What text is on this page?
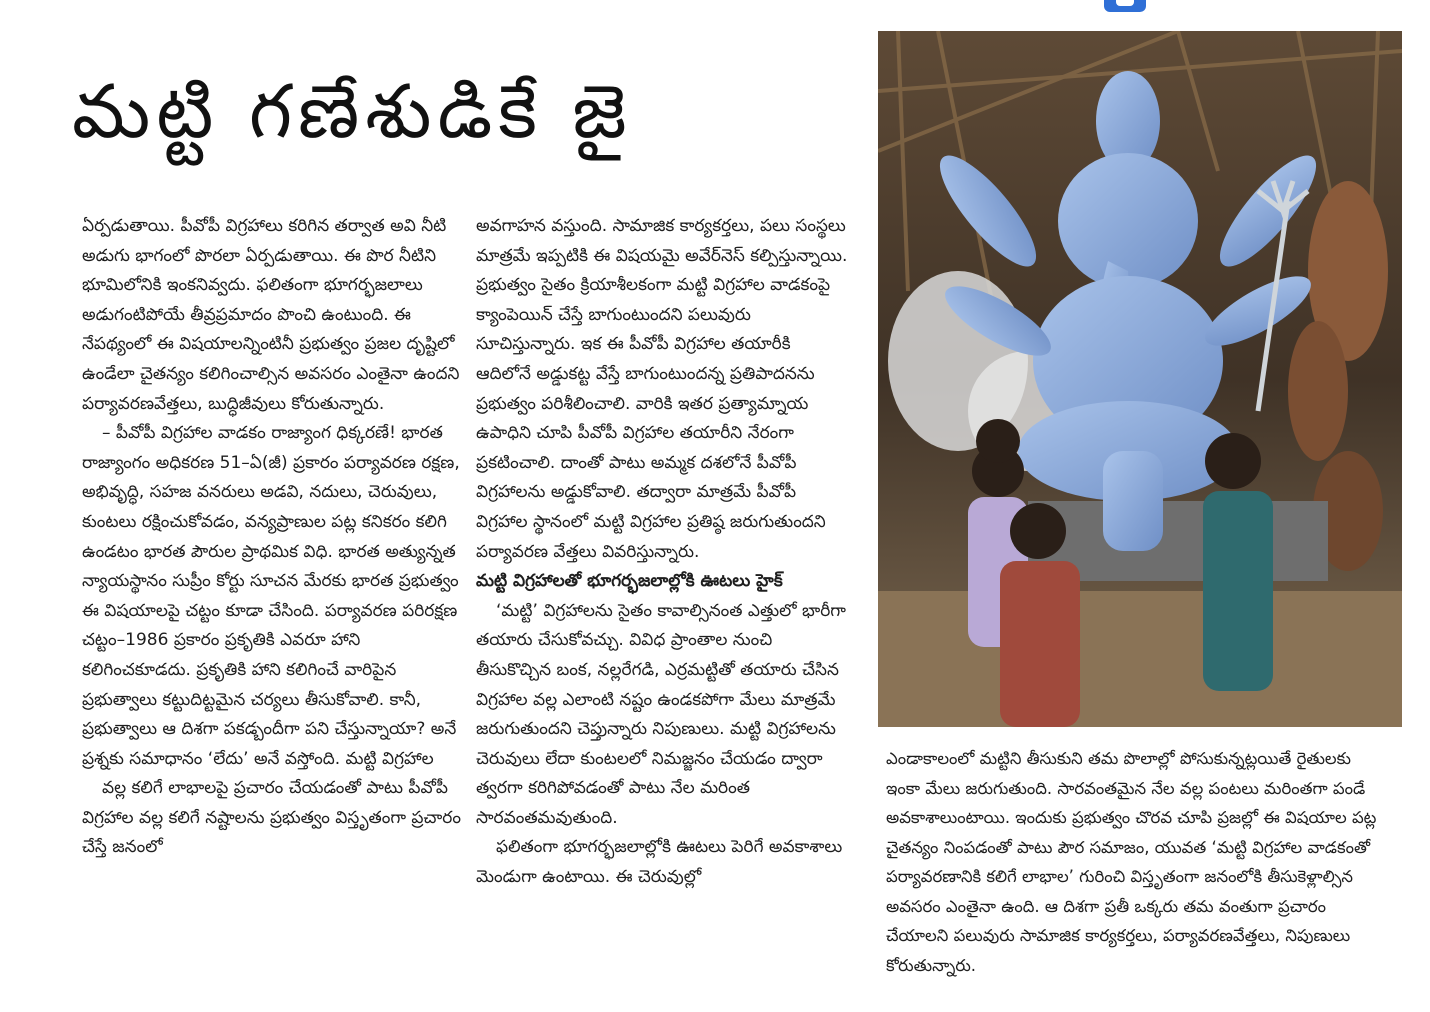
మట్టి గణేశుడికే జై

ఏర్పడుతాయి. పీవోపీ విగ్రహాలు కరిగిన తర్వాత అవి నీటి అడుగు భాగంలో పొరలా ఏర్పడుతాయి. ఈ పొర నీటిని భూమిలోనికి ఇంకనివ్వదు. ఫలితంగా భూగర్భజలాలు అడుగంటిపోయే తీవ్రప్రమాదం పొంచి ఉంటుంది. ఈ నేపథ్యంలో ఈ విషయాలన్నింటినీ ప్రభుత్వం ప్రజల దృష్టిలో ఉండేలా చైతన్యం కలిగించాల్సిన అవసరం ఎంతైనా ఉందని పర్యావరణవేత్తలు, బుద్ధిజీవులు కోరుతున్నారు.

– పీవోపీ విగ్రహాల వాడకం రాజ్యాంగ ధిక్కరణే! భారత రాజ్యాంగం అధికరణ 51–ఏ(జీ) ప్రకారం పర్యావరణ రక్షణ, అభివృద్ధి, సహజ వనరులు అడవి, నదులు, చెరువులు, కుంటలు రక్షించుకోవడం, వన్యప్రాణుల పట్ల కనికరం కలిగి ఉండటం భారత పౌరుల ప్రాథమిక విధి. భారత అత్యున్నత న్యాయస్థానం సుప్రీం కోర్టు సూచన మేరకు భారత ప్రభుత్వం ఈ విషయాలపై చట్టం కూడా చేసింది. పర్యావరణ పరిరక్షణ చట్టం–1986 ప్రకారం ప్రకృతికి ఎవరూ హాని కలిగించకూడదు. ప్రకృతికి హాని కలిగించే వారిపైన ప్రభుత్వాలు కట్టుదిట్టమైన చర్యలు తీసుకోవాలి. కానీ, ప్రభుత్వాలు ఆ దిశగా పకడ్బందీగా పని చేస్తున్నాయా? అనే ప్రశ్నకు సమాధానం ‘లేదు’ అనే వస్తోంది. మట్టి విగ్రహాల

వల్ల కలిగే లాభాలపై ప్రచారం చేయడంతో పాటు పీవోపీ విగ్రహాల వల్ల కలిగే నష్టాలను ప్రభుత్వం విస్తృతంగా ప్రచారం చేస్తే జనంలో

అవగాహన వస్తుంది. సామాజిక కార్యకర్తలు, పలు సంస్థలు మాత్రమే ఇప్పటికి ఈ విషయమై అవేర్‌నెస్ కల్పిస్తున్నాయి. ప్రభుత్వం సైతం క్రియాశీలకంగా మట్టి విగ్రహాల వాడకంపై క్యాంపెయిన్ చేస్తే బాగుంటుందని పలువురు సూచిస్తున్నారు. ఇక ఈ పీవోపీ విగ్రహాల తయారీకి ఆదిలోనే అడ్డుకట్ట వేస్తే బాగుంటుందన్న ప్రతిపాదనను ప్రభుత్వం పరిశీలించాలి. వారికి ఇతర ప్రత్యామ్నాయ ఉపాధిని చూపి పీవోపీ విగ్రహాల తయారీని నేరంగా ప్రకటించాలి. దాంతో పాటు అమ్మక దశలోనే పీవోపీ విగ్రహాలను అడ్డుకోవాలి. తద్వారా మాత్రమే పీవోపీ విగ్రహాల స్థానంలో మట్టి విగ్రహాల ప్రతిష్ఠ జరుగుతుందని పర్యావరణ వేత్తలు వివరిస్తున్నారు.

మట్టి విగ్రహాలతో భూగర్భజలాల్లోకి ఊటలు హైక్

‘మట్టి’ విగ్రహాలను సైతం కావాల్సినంత ఎత్తులో భారీగా తయారు చేసుకోవచ్చు. వివిధ ప్రాంతాల నుంచి తీసుకొచ్చిన బంక, నల్లరేగడి, ఎర్రమట్టితో తయారు చేసిన విగ్రహాల వల్ల ఎలాంటి నష్టం ఉండకపోగా మేలు మాత్రమే జరుగుతుందని చెప్తున్నారు నిపుణులు. మట్టి విగ్రహాలను చెరువులు లేదా కుంటలలో నిమజ్జనం చేయడం ద్వారా త్వరగా కరిగిపోవడంతో పాటు నేల మరింత సారవంతమవుతుంది.

ఫలితంగా భూగర్భజలాల్లోకి ఊటలు పెరిగే అవకాశాలు మెండుగా ఉంటాయి. ఈ చెరువుల్లో

ఎండాకాలంలో మట్టిని తీసుకుని తమ పొలాల్లో పోసుకున్నట్లయితే రైతులకు ఇంకా మేలు జరుగుతుంది. సారవంతమైన నేల వల్ల పంటలు మరింతగా పండే అవకాశాలుంటాయి. ఇందుకు ప్రభుత్వం చొరవ చూపి ప్రజల్లో ఈ విషయాల పట్ల చైతన్యం నింపడంతో పాటు పౌర సమాజం, యువత ‘మట్టి విగ్రహాల వాడకంతో పర్యావరణానికి కలిగే లాభాల’ గురించి విస్తృతంగా జనంలోకి తీసుకెళ్లాల్సిన అవసరం ఎంతైనా ఉంది. ఆ దిశగా ప్రతీ ఒక్కరు తమ వంతుగా ప్రచారం చేయాలని పలువురు సామాజిక కార్యకర్తలు, పర్యావరణవేత్తలు, నిపుణులు కోరుతున్నారు.
